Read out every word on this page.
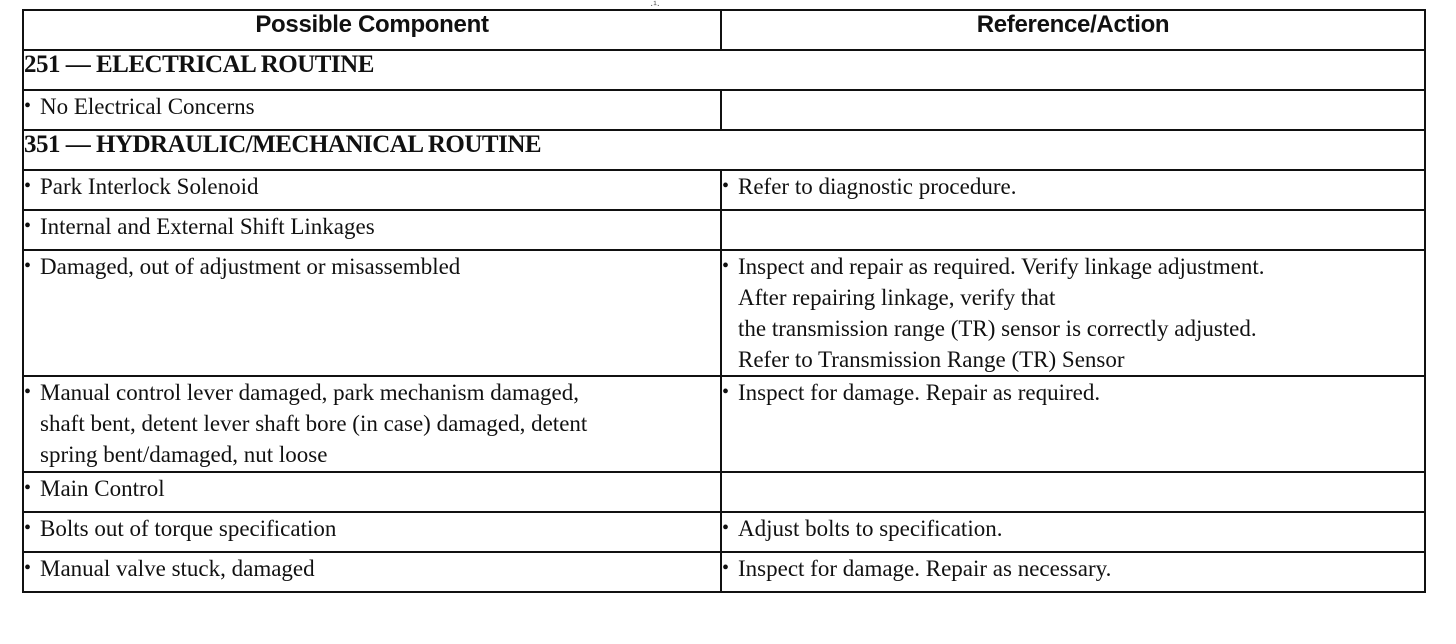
·¹·
Possible Component	Reference/Action
251 — ELECTRICAL ROUTINE	

• No Electrical Concerns	

351 — HYDRAULIC/MECHANICAL ROUTINE	

• Park Interlock Solenoid	• Refer to diagnostic procedure.

• Internal and External Shift Linkages	

• Damaged, out of adjustment or misassembled	• Inspect and repair as required. Verify linkage adjustment.
After repairing linkage, verify that
the transmission range (TR) sensor is correctly adjusted.
Refer to Transmission Range (TR) Sensor

• Manual control lever damaged, park mechanism damaged,
shaft bent, detent lever shaft bore (in case) damaged, detent
spring bent/damaged, nut loose	• Inspect for damage. Repair as required.

• Main Control	

• Bolts out of torque specification	• Adjust bolts to specification.

• Manual valve stuck, damaged	• Inspect for damage. Repair as necessary.
